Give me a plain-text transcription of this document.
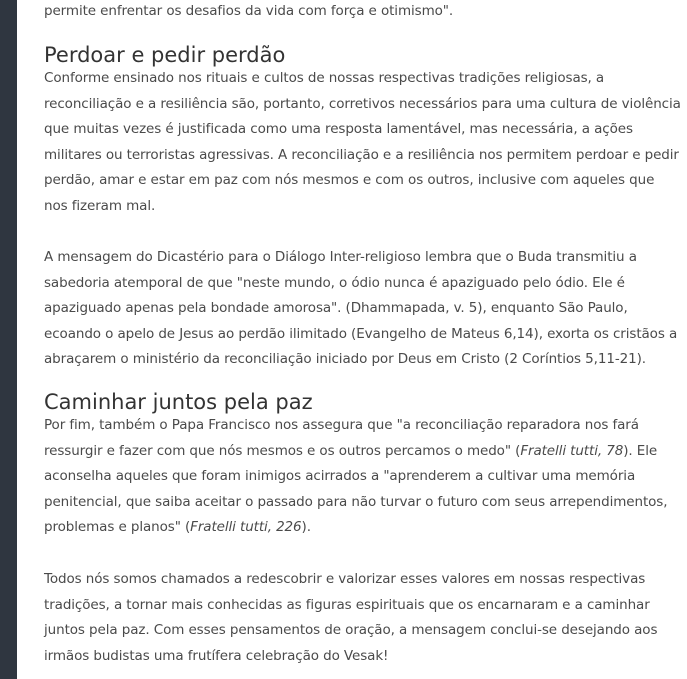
permite enfrentar os desafios da vida com força e otimismo".

Perdoar e pedir perdão

Conforme ensinado nos rituais e cultos de nossas respectivas tradições religiosas, a
reconciliação e a resiliência são, portanto, corretivos necessários para uma cultura de violência
que muitas vezes é justificada como uma resposta lamentável, mas necessária, a ações
militares ou terroristas agressivas. A reconciliação e a resiliência nos permitem perdoar e pedir
perdão, amar e estar em paz com nós mesmos e com os outros, inclusive com aqueles que
nos fizeram mal.

A mensagem do Dicastério para o Diálogo Inter-religioso lembra que o Buda transmitiu a
sabedoria atemporal de que "neste mundo, o ódio nunca é apaziguado pelo ódio. Ele é
apaziguado apenas pela bondade amorosa". (Dhammapada, v. 5), enquanto São Paulo,
ecoando o apelo de Jesus ao perdão ilimitado (Evangelho de Mateus 6,14), exorta os cristãos a
abraçarem o ministério da reconciliação iniciado por Deus em Cristo (2 Coríntios 5,11-21).

Caminhar juntos pela paz

Por fim, também o Papa Francisco nos assegura que "a reconciliação reparadora nos fará
ressurgir e fazer com que nós mesmos e os outros percamos o medo" (Fratelli tutti, 78). Ele
aconselha aqueles que foram inimigos acirrados a "aprenderem a cultivar uma memória
penitencial, que saiba aceitar o passado para não turvar o futuro com seus arrependimentos,
problemas e planos" (Fratelli tutti, 226).

Todos nós somos chamados a redescobrir e valorizar esses valores em nossas respectivas
tradições, a tornar mais conhecidas as figuras espirituais que os encarnaram e a caminhar
juntos pela paz. Com esses pensamentos de oração, a mensagem conclui-se desejando aos
irmãos budistas uma frutífera celebração do Vesak!
